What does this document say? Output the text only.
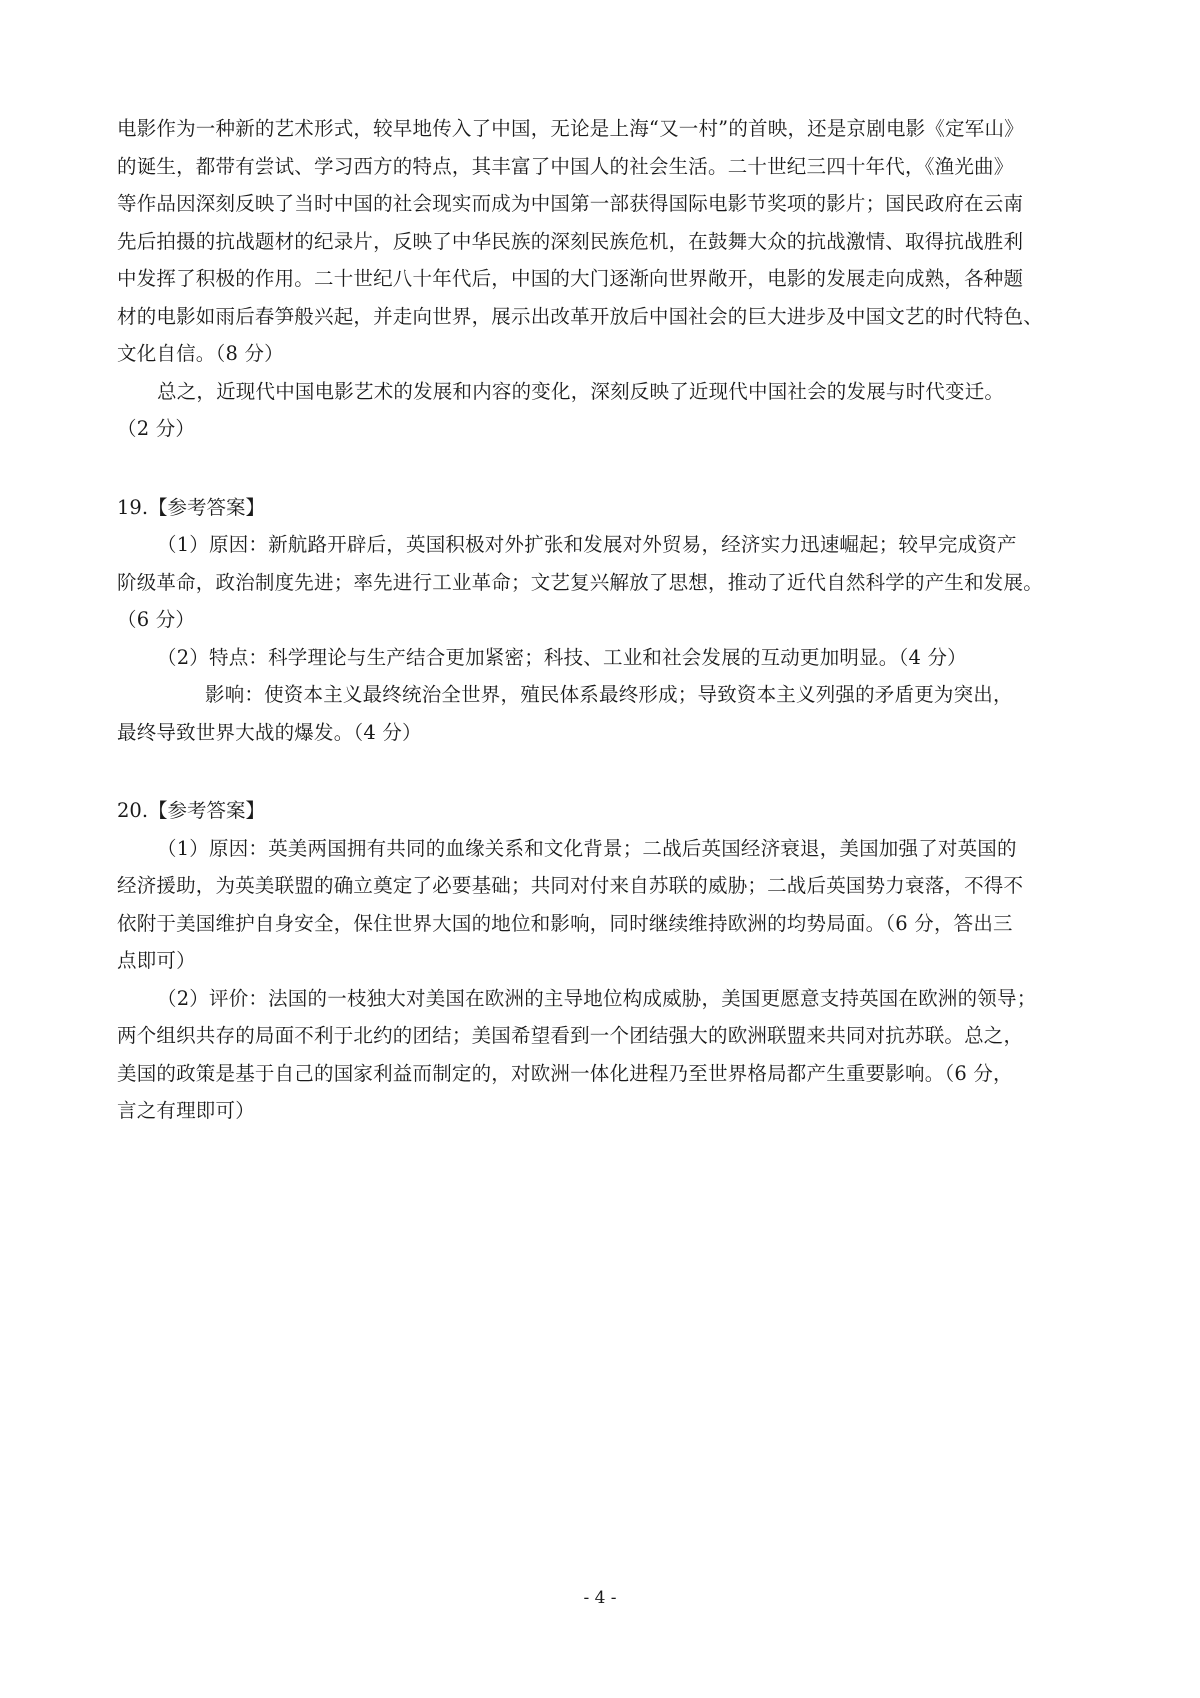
电影作为一种新的艺术形式，较早地传入了中国，无论是上海“又一村”的首映，还是京剧电影《定军山》
的诞生，都带有尝试、学习西方的特点，其丰富了中国人的社会生活。二十世纪三四十年代，《渔光曲》
等作品因深刻反映了当时中国的社会现实而成为中国第一部获得国际电影节奖项的影片；国民政府在云南
先后拍摄的抗战题材的纪录片，反映了中华民族的深刻民族危机，在鼓舞大众的抗战激情、取得抗战胜利
中发挥了积极的作用。二十世纪八十年代后，中国的大门逐渐向世界敞开，电影的发展走向成熟，各种题
材的电影如雨后春笋般兴起，并走向世界，展示出改革开放后中国社会的巨大进步及中国文艺的时代特色、
文化自信。（8 分）
总之，近现代中国电影艺术的发展和内容的变化，深刻反映了近现代中国社会的发展与时代变迁。
（2 分）
19.【参考答案】
（1）原因：新航路开辟后，英国积极对外扩张和发展对外贸易，经济实力迅速崛起；较早完成资产
阶级革命，政治制度先进；率先进行工业革命；文艺复兴解放了思想，推动了近代自然科学的产生和发展。
（6 分）
（2）特点：科学理论与生产结合更加紧密；科技、工业和社会发展的互动更加明显。（4 分）
影响：使资本主义最终统治全世界，殖民体系最终形成；导致资本主义列强的矛盾更为突出，
最终导致世界大战的爆发。（4 分）
20.【参考答案】
（1）原因：英美两国拥有共同的血缘关系和文化背景；二战后英国经济衰退，美国加强了对英国的
经济援助，为英美联盟的确立奠定了必要基础；共同对付来自苏联的威胁；二战后英国势力衰落，不得不
依附于美国维护自身安全，保住世界大国的地位和影响，同时继续维持欧洲的均势局面。（6 分，答出三
点即可）
（2）评价：法国的一枝独大对美国在欧洲的主导地位构成威胁，美国更愿意支持英国在欧洲的领导；
两个组织共存的局面不利于北约的团结；美国希望看到一个团结强大的欧洲联盟来共同对抗苏联。总之，
美国的政策是基于自己的国家利益而制定的，对欧洲一体化进程乃至世界格局都产生重要影响。（6 分，
言之有理即可）
- 4 -
